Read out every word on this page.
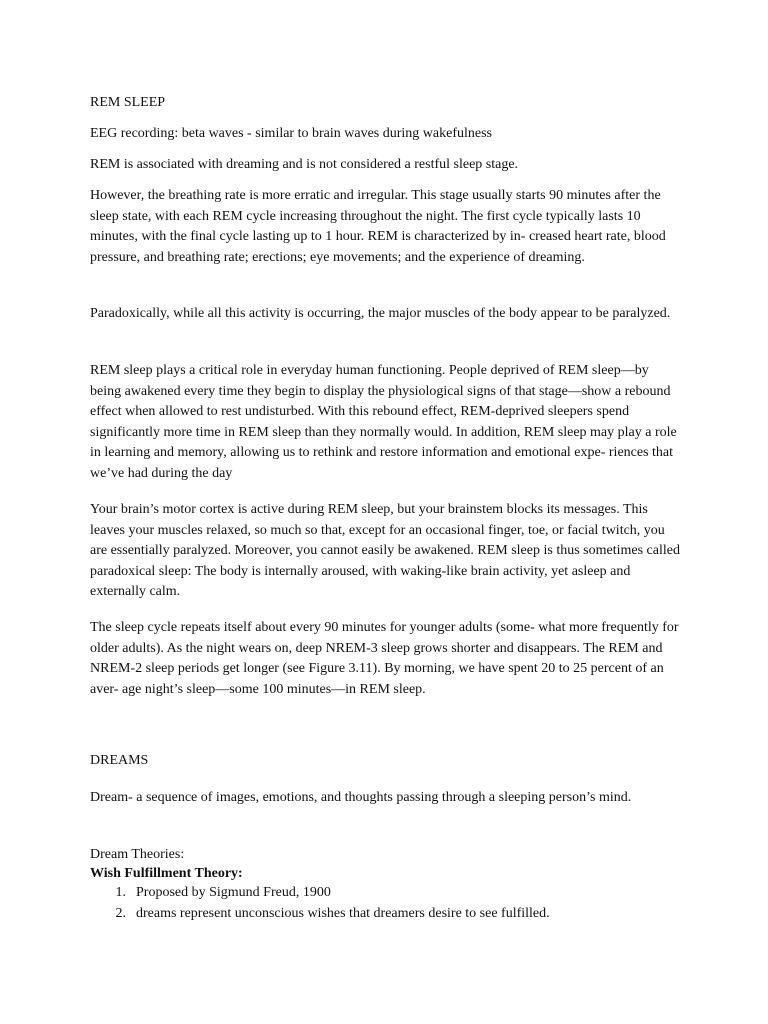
REM SLEEP

EEG recording: beta waves - similar to brain waves during wakefulness

REM is associated with dreaming and is not considered a restful sleep stage.

However, the breathing rate is more erratic and irregular. This stage usually starts 90 minutes after the sleep state, with each REM cycle increasing throughout the night. The first cycle typically lasts 10 minutes, with the final cycle lasting up to 1 hour. REM is characterized by in- creased heart rate, blood pressure, and breathing rate; erections; eye movements; and the experience of dreaming.

Paradoxically, while all this activity is occurring, the major muscles of the body appear to be paralyzed.

REM sleep plays a critical role in everyday human functioning. People deprived of REM sleep—by being awakened every time they begin to display the physiological signs of that stage—show a rebound effect when allowed to rest undisturbed. With this rebound effect, REM-deprived sleepers spend significantly more time in REM sleep than they normally would. In addition, REM sleep may play a role in learning and memory, allowing us to rethink and restore information and emotional expe- riences that we’ve had during the day

Your brain’s motor cortex is active during REM sleep, but your brainstem blocks its messages. This leaves your muscles relaxed, so much so that, except for an occasional finger, toe, or facial twitch, you are essentially paralyzed. Moreover, you cannot easily be awakened. REM sleep is thus sometimes called paradoxical sleep: The body is internally aroused, with waking-like brain activity, yet asleep and externally calm.

The sleep cycle repeats itself about every 90 minutes for younger adults (some- what more frequently for older adults). As the night wears on, deep NREM-3 sleep grows shorter and disappears. The REM and NREM-2 sleep periods get longer (see Figure 3.11). By morning, we have spent 20 to 25 percent of an aver- age night’s sleep—some 100 minutes—in REM sleep.

DREAMS

Dream- a sequence of images, emotions, and thoughts passing through a sleeping person’s mind.

Dream Theories:

Wish Fulfillment Theory:

1. Proposed by Sigmund Freud, 1900
2. dreams represent unconscious wishes that dreamers desire to see fulfilled.
